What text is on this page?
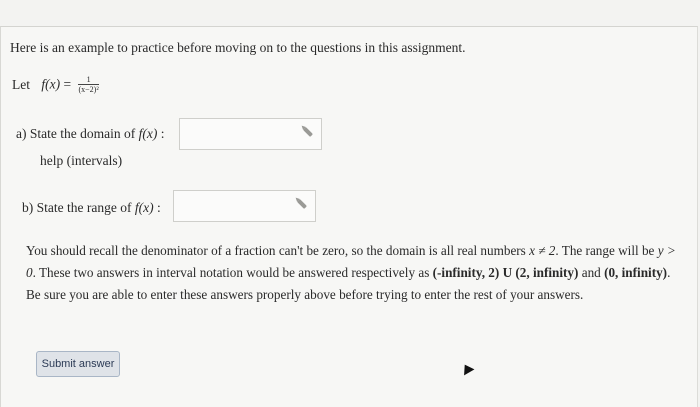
Here is an example to practice before moving on to the questions in this assignment.
Let $f(x) = \frac{1}{\text{(x−2)²}}$
a) State the domain of f(x) :
help (intervals)
b) State the range of f(x) :
You should recall the denominator of a fraction can't be zero, so the domain is all real numbers x ≠ 2. The range will be y > 0. These two answers in interval notation would be answered respectively as (-infinity, 2) U (2, infinity) and (0, infinity). Be sure you are able to enter these answers properly above before trying to enter the rest of your answers.
Submit answer
